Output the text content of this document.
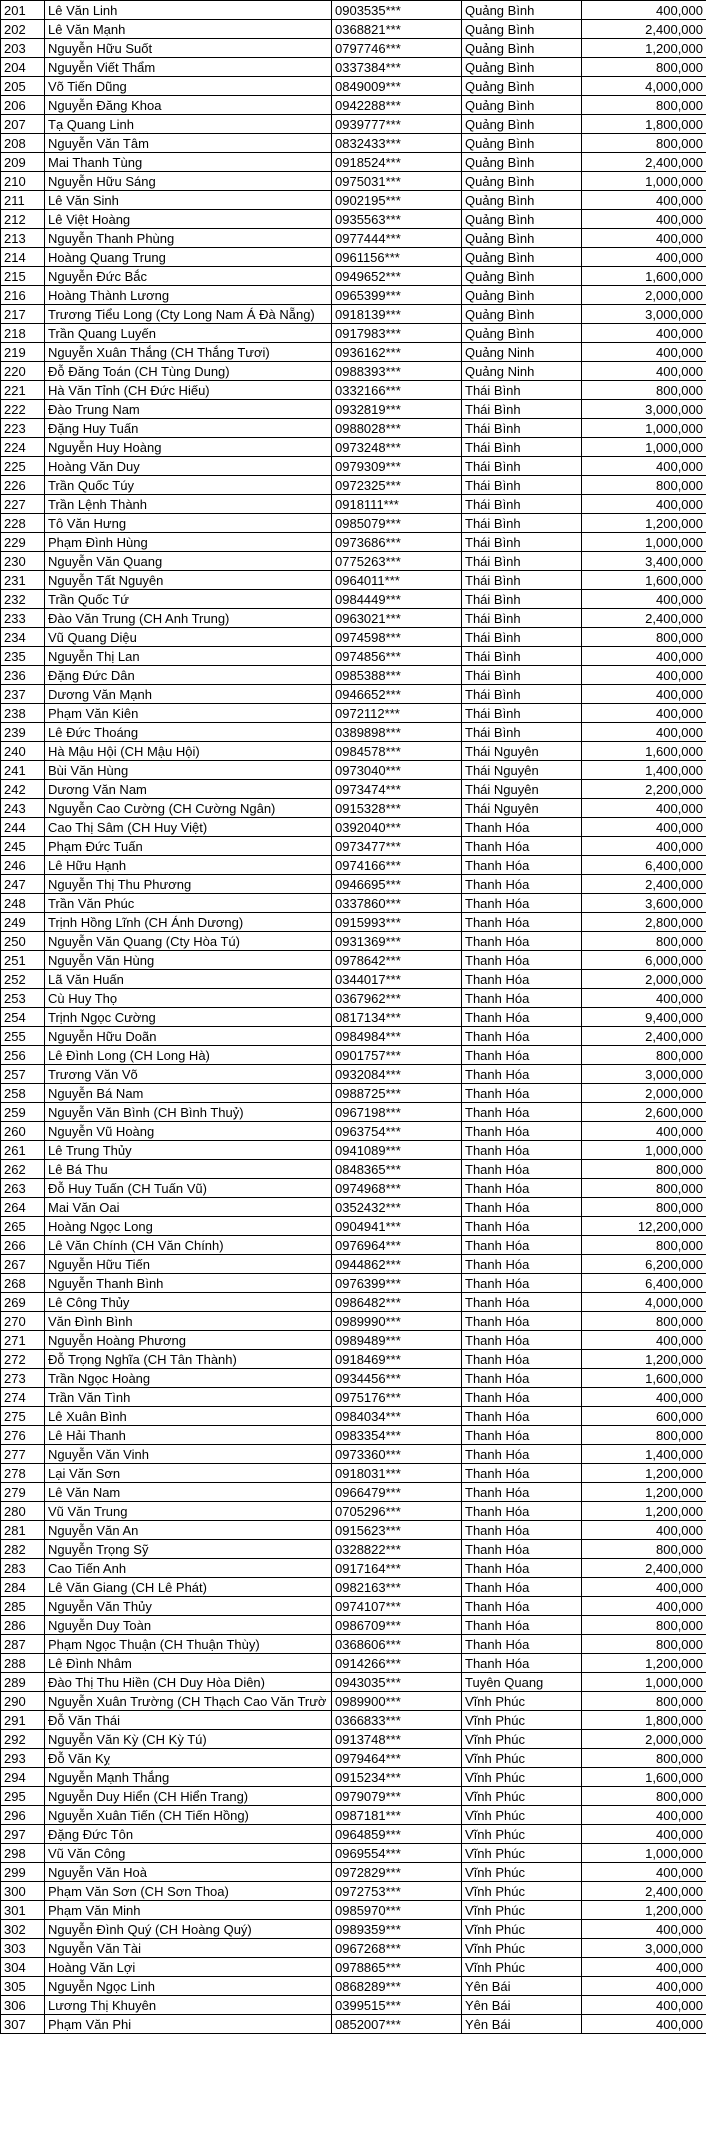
201	Lê Văn Linh	0903535***	Quảng Bình	400,000
202	Lê Văn Mạnh	0368821***	Quảng Bình	2,400,000
203	Nguyễn Hữu Suốt	0797746***	Quảng Bình	1,200,000
204	Nguyễn Viết Thẩm	0337384***	Quảng Bình	800,000
205	Võ Tiến Dũng	0849009***	Quảng Bình	4,000,000
206	Nguyễn Đăng Khoa	0942288***	Quảng Bình	800,000
207	Tạ Quang Linh	0939777***	Quảng Bình	1,800,000
208	Nguyễn Văn Tâm	0832433***	Quảng Bình	800,000
209	Mai Thanh Tùng	0918524***	Quảng Bình	2,400,000
210	Nguyễn Hữu Sáng	0975031***	Quảng Bình	1,000,000
211	Lê Văn Sinh	0902195***	Quảng Bình	400,000
212	Lê Việt Hoàng	0935563***	Quảng Bình	400,000
213	Nguyễn Thanh Phùng	0977444***	Quảng Bình	400,000
214	Hoàng Quang Trung	0961156***	Quảng Bình	400,000
215	Nguyễn Đức Bắc	0949652***	Quảng Bình	1,600,000
216	Hoàng Thành Lương	0965399***	Quảng Bình	2,000,000
217	Trương Tiểu Long (Cty Long Nam Á Đà Nẵng)	0918139***	Quảng Bình	3,000,000
218	Trần Quang Luyến	0917983***	Quảng Bình	400,000
219	Nguyễn Xuân Thắng (CH Thắng Tươi)	0936162***	Quảng Ninh	400,000
220	Đỗ Đăng Toán (CH Tùng Dung)	0988393***	Quảng Ninh	400,000
221	Hà Văn Tỉnh (CH Đức Hiếu)	0332166***	Thái Bình	800,000
222	Đào Trung Nam	0932819***	Thái Bình	3,000,000
223	Đặng Huy Tuấn	0988028***	Thái Bình	1,000,000
224	Nguyễn Huy Hoàng	0973248***	Thái Bình	1,000,000
225	Hoàng Văn Duy	0979309***	Thái Bình	400,000
226	Trần Quốc Túy	0972325***	Thái Bình	800,000
227	Trần Lệnh Thành	0918111***	Thái Bình	400,000
228	Tô Văn Hưng	0985079***	Thái Bình	1,200,000
229	Phạm Đình Hùng	0973686***	Thái Bình	1,000,000
230	Nguyễn Văn Quang	0775263***	Thái Bình	3,400,000
231	Nguyễn Tất Nguyên	0964011***	Thái Bình	1,600,000
232	Trần Quốc Tứ	0984449***	Thái Bình	400,000
233	Đào Văn Trung (CH Anh Trung)	0963021***	Thái Bình	2,400,000
234	Vũ Quang Diệu	0974598***	Thái Bình	800,000
235	Nguyễn Thị Lan	0974856***	Thái Bình	400,000
236	Đặng Đức Dân	0985388***	Thái Bình	400,000
237	Dương Văn Mạnh	0946652***	Thái Bình	400,000
238	Phạm Văn Kiên	0972112***	Thái Bình	400,000
239	Lê Đức Thoáng	0389898***	Thái Bình	400,000
240	Hà Mậu Hội (CH Mậu Hội)	0984578***	Thái Nguyên	1,600,000
241	Bùi Văn Hùng	0973040***	Thái Nguyên	1,400,000
242	Dương Văn Nam	0973474***	Thái Nguyên	2,200,000
243	Nguyễn Cao Cường (CH Cường Ngân)	0915328***	Thái Nguyên	400,000
244	Cao Thị Sâm (CH Huy Việt)	0392040***	Thanh Hóa	400,000
245	Phạm Đức Tuấn	0973477***	Thanh Hóa	400,000
246	Lê Hữu Hạnh	0974166***	Thanh Hóa	6,400,000
247	Nguyễn Thị Thu Phương	0946695***	Thanh Hóa	2,400,000
248	Trần Văn Phúc	0337860***	Thanh Hóa	3,600,000
249	Trịnh Hồng Lĩnh (CH Ánh Dương)	0915993***	Thanh Hóa	2,800,000
250	Nguyễn Văn Quang (Cty Hòa Tú)	0931369***	Thanh Hóa	800,000
251	Nguyễn Văn Hùng	0978642***	Thanh Hóa	6,000,000
252	Lã Văn Huấn	0344017***	Thanh Hóa	2,000,000
253	Cù Huy Thọ	0367962***	Thanh Hóa	400,000
254	Trịnh Ngọc Cường	0817134***	Thanh Hóa	9,400,000
255	Nguyễn Hữu Doãn	0984984***	Thanh Hóa	2,400,000
256	Lê Đình Long (CH Long Hà)	0901757***	Thanh Hóa	800,000
257	Trương Văn Võ	0932084***	Thanh Hóa	3,000,000
258	Nguyễn Bá Nam	0988725***	Thanh Hóa	2,000,000
259	Nguyễn Văn Bình (CH Bình Thuỷ)	0967198***	Thanh Hóa	2,600,000
260	Nguyễn Vũ Hoàng	0963754***	Thanh Hóa	400,000
261	Lê Trung Thủy	0941089***	Thanh Hóa	1,000,000
262	Lê Bá Thu	0848365***	Thanh Hóa	800,000
263	Đỗ Huy Tuấn (CH Tuấn Vũ)	0974968***	Thanh Hóa	800,000
264	Mai Văn Oai	0352432***	Thanh Hóa	800,000
265	Hoàng Ngọc Long	0904941***	Thanh Hóa	12,200,000
266	Lê Văn Chính (CH Văn Chính)	0976964***	Thanh Hóa	800,000
267	Nguyễn Hữu Tiến	0944862***	Thanh Hóa	6,200,000
268	Nguyễn Thanh Bình	0976399***	Thanh Hóa	6,400,000
269	Lê Công Thủy	0986482***	Thanh Hóa	4,000,000
270	Văn Đình Bình	0989990***	Thanh Hóa	800,000
271	Nguyễn Hoàng Phương	0989489***	Thanh Hóa	400,000
272	Đỗ Trọng Nghĩa (CH Tân Thành)	0918469***	Thanh Hóa	1,200,000
273	Trần Ngọc Hoàng	0934456***	Thanh Hóa	1,600,000
274	Trần Văn Tình	0975176***	Thanh Hóa	400,000
275	Lê Xuân Bình	0984034***	Thanh Hóa	600,000
276	Lê Hải Thanh	0983354***	Thanh Hóa	800,000
277	Nguyễn Văn Vinh	0973360***	Thanh Hóa	1,400,000
278	Lại Văn Sơn	0918031***	Thanh Hóa	1,200,000
279	Lê Văn Nam	0966479***	Thanh Hóa	1,200,000
280	Vũ Văn Trung	0705296***	Thanh Hóa	1,200,000
281	Nguyễn Văn An	0915623***	Thanh Hóa	400,000
282	Nguyễn Trọng Sỹ	0328822***	Thanh Hóa	800,000
283	Cao Tiến Anh	0917164***	Thanh Hóa	2,400,000
284	Lê Văn Giang (CH Lê Phát)	0982163***	Thanh Hóa	400,000
285	Nguyễn Văn Thủy	0974107***	Thanh Hóa	400,000
286	Nguyễn Duy Toàn	0986709***	Thanh Hóa	800,000
287	Phạm Ngọc Thuận (CH Thuận Thùy)	0368606***	Thanh Hóa	800,000
288	Lê Đình Nhâm	0914266***	Thanh Hóa	1,200,000
289	Đào Thị Thu Hiền (CH Duy Hòa Diên)	0943035***	Tuyên Quang	1,000,000
290	Nguyễn Xuân Trường (CH Thạch Cao Văn Trườ	0989900***	Vĩnh Phúc	800,000
291	Đỗ Văn Thái	0366833***	Vĩnh Phúc	1,800,000
292	Nguyễn Văn Kỳ (CH Kỳ Tú)	0913748***	Vĩnh Phúc	2,000,000
293	Đỗ Văn Kỵ	0979464***	Vĩnh Phúc	800,000
294	Nguyễn Mạnh Thắng	0915234***	Vĩnh Phúc	1,600,000
295	Nguyễn Duy Hiển (CH Hiển Trang)	0979079***	Vĩnh Phúc	800,000
296	Nguyễn Xuân Tiến (CH Tiến Hồng)	0987181***	Vĩnh Phúc	400,000
297	Đặng Đức Tôn	0964859***	Vĩnh Phúc	400,000
298	Vũ Văn Công	0969554***	Vĩnh Phúc	1,000,000
299	Nguyễn Văn Hoà	0972829***	Vĩnh Phúc	400,000
300	Phạm Văn Sơn (CH Sơn Thoa)	0972753***	Vĩnh Phúc	2,400,000
301	Phạm Văn Minh	0985970***	Vĩnh Phúc	1,200,000
302	Nguyễn Đình Quý (CH Hoàng Quý)	0989359***	Vĩnh Phúc	400,000
303	Nguyễn Văn Tài	0967268***	Vĩnh Phúc	3,000,000
304	Hoàng Văn Lợi	0978865***	Vĩnh Phúc	400,000
305	Nguyễn Ngọc Linh	0868289***	Yên Bái	400,000
306	Lương Thị Khuyên	0399515***	Yên Bái	400,000
307	Phạm Văn Phi	0852007***	Yên Bái	400,000
